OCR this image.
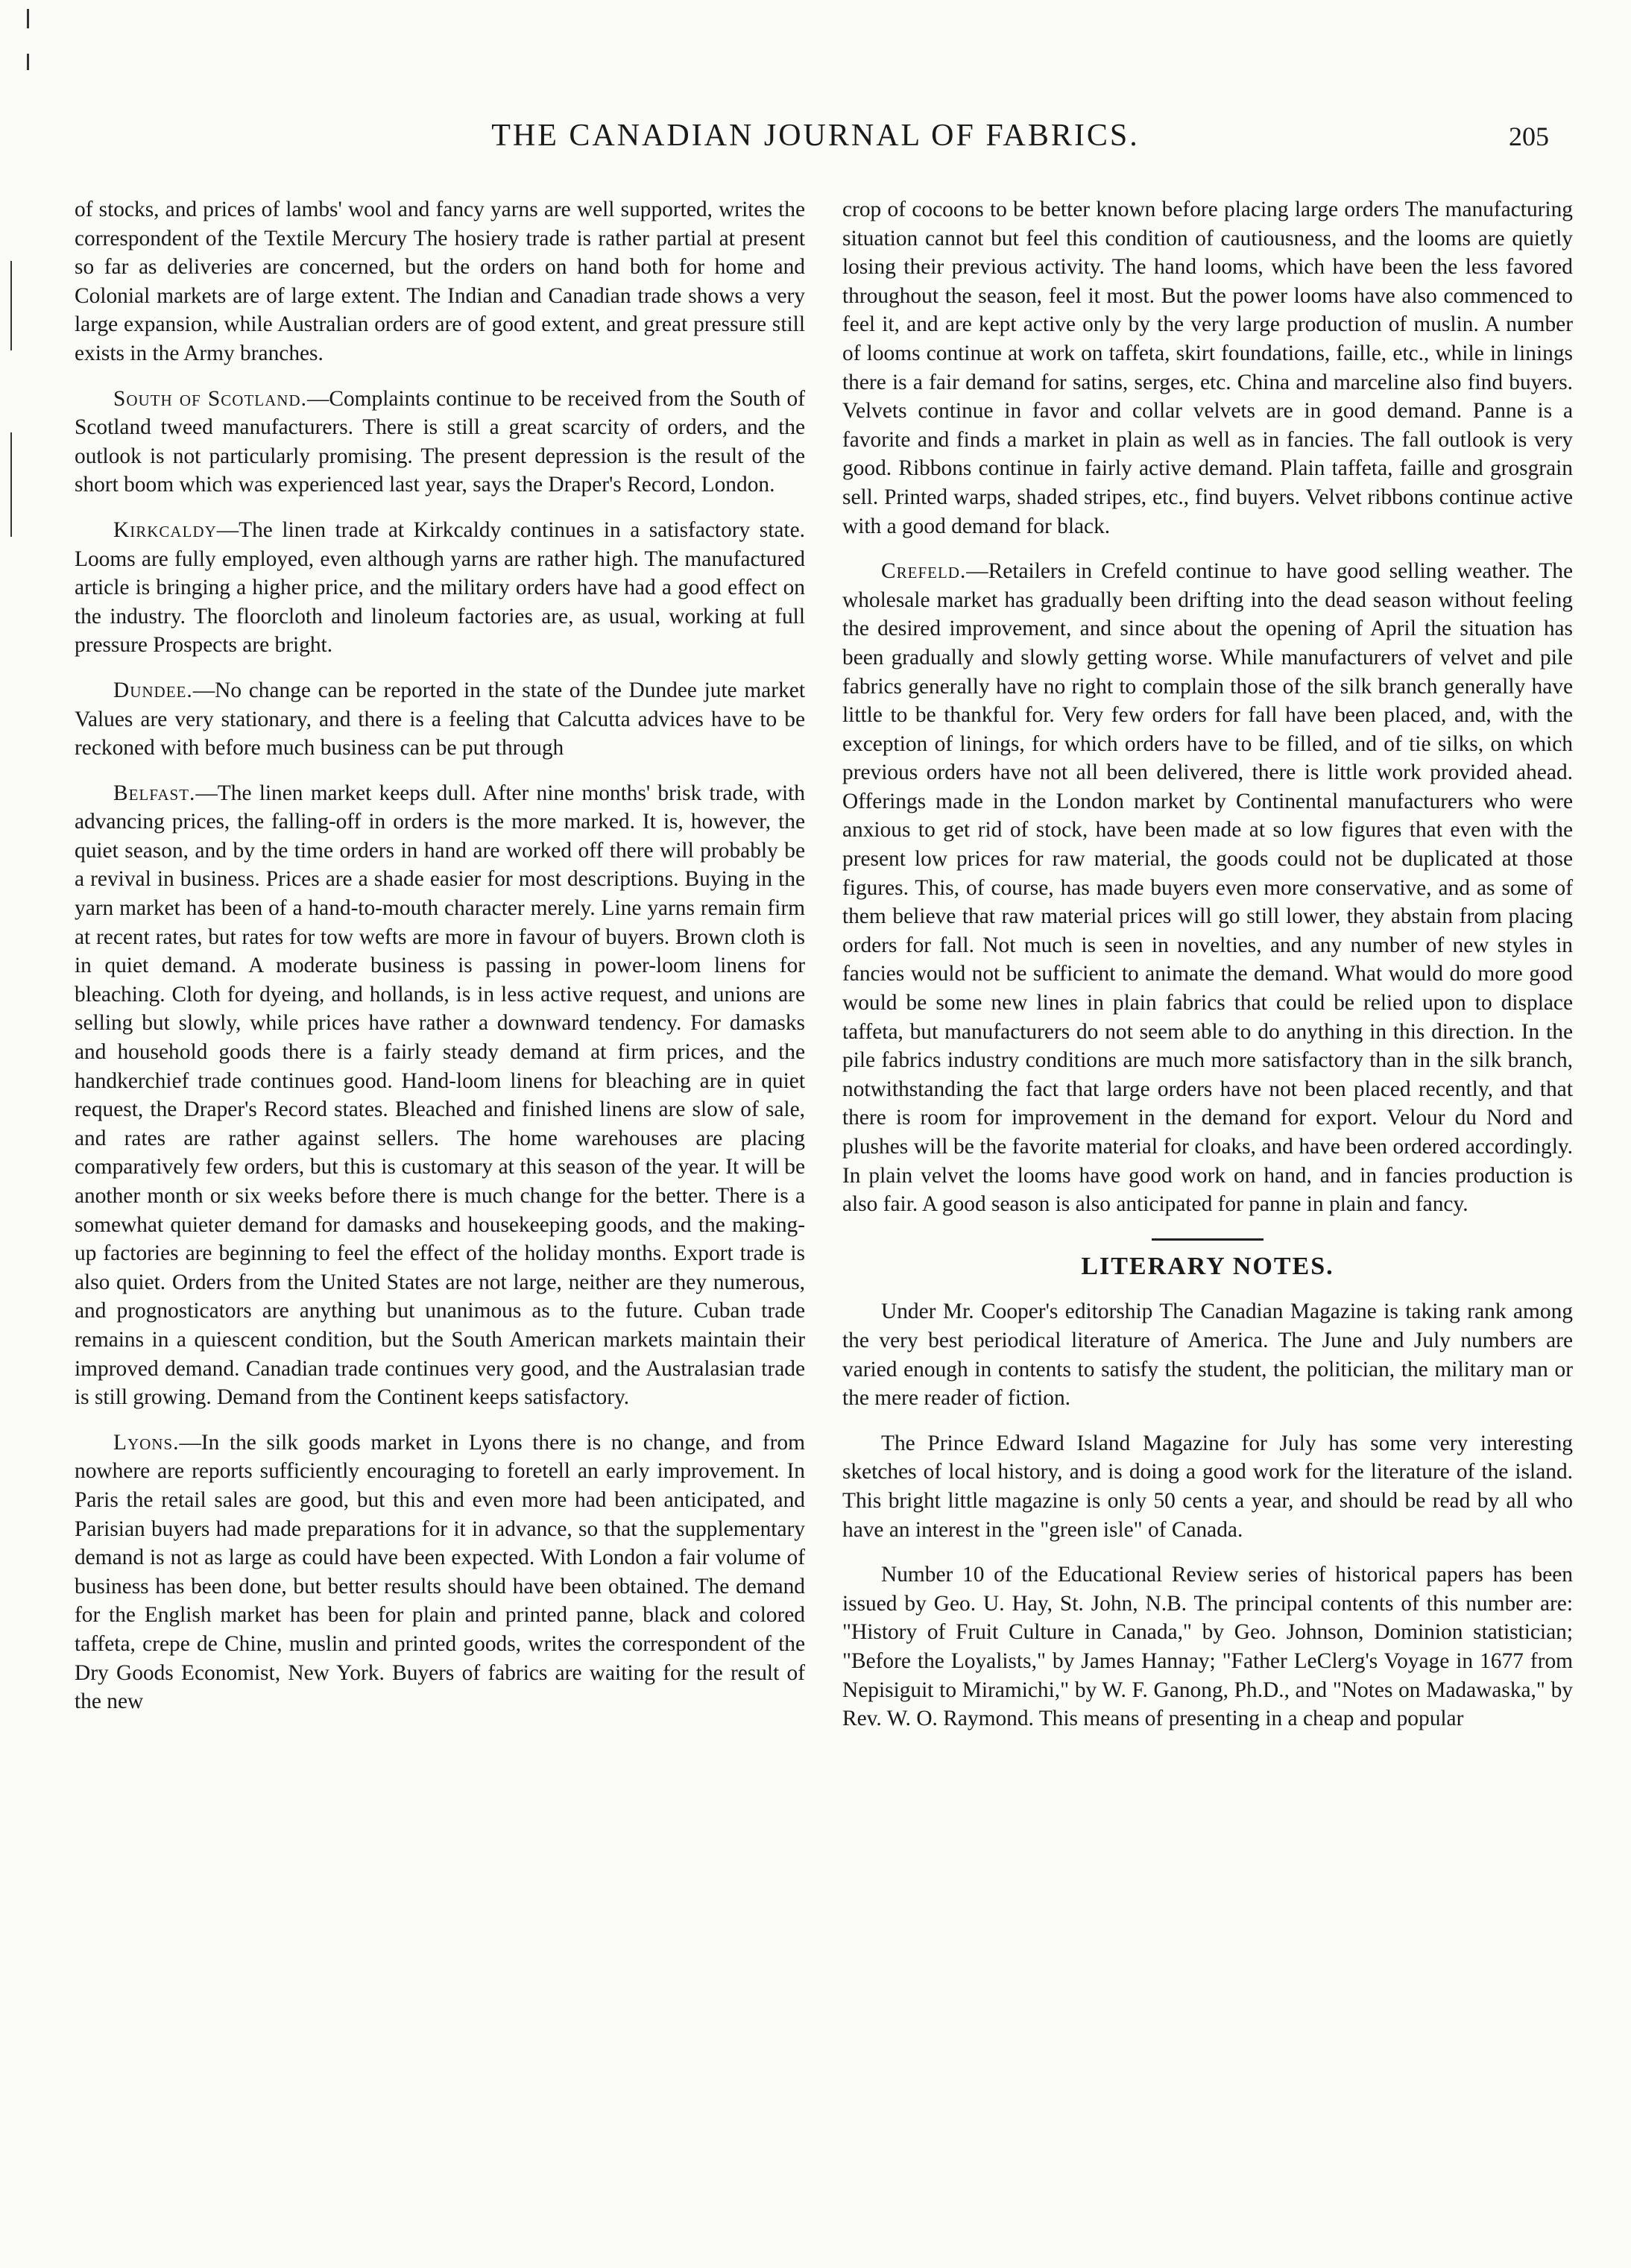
THE CANADIAN JOURNAL OF FABRICS.	205

of stocks, and prices of lambs' wool and fancy yarns are well supported, writes the correspondent of the Textile Mercury The hosiery trade is rather partial at present so far as deliveries are concerned, but the orders on hand both for home and Colonial markets are of large extent. The Indian and Canadian trade shows a very large expansion, while Australian orders are of good extent, and great pressure still exists in the Army branches.

South of Scotland.—Complaints continue to be received from the South of Scotland tweed manufacturers. There is still a great scarcity of orders, and the outlook is not particularly promising. The present depression is the result of the short boom which was experienced last year, says the Draper's Record, London.

Kirkcaldy—The linen trade at Kirkcaldy continues in a satisfactory state. Looms are fully employed, even although yarns are rather high. The manufactured article is bringing a higher price, and the military orders have had a good effect on the industry. The floorcloth and linoleum factories are, as usual, working at full pressure Prospects are bright.

Dundee.—No change can be reported in the state of the Dundee jute market Values are very stationary, and there is a feeling that Calcutta advices have to be reckoned with before much business can be put through

Belfast.—The linen market keeps dull. After nine months' brisk trade, with advancing prices, the falling-off in orders is the more marked. It is, however, the quiet season, and by the time orders in hand are worked off there will probably be a revival in business. Prices are a shade easier for most descriptions. Buying in the yarn market has been of a hand-to-mouth character merely. Line yarns remain firm at recent rates, but rates for tow wefts are more in favour of buyers. Brown cloth is in quiet demand. A moderate business is passing in power-loom linens for bleaching. Cloth for dyeing, and hollands, is in less active request, and unions are selling but slowly, while prices have rather a downward tendency. For damasks and household goods there is a fairly steady demand at firm prices, and the handkerchief trade continues good. Hand-loom linens for bleaching are in quiet request, the Draper's Record states. Bleached and finished linens are slow of sale, and rates are rather against sellers. The home warehouses are placing comparatively few orders, but this is customary at this season of the year. It will be another month or six weeks before there is much change for the better. There is a somewhat quieter demand for damasks and housekeeping goods, and the making-up factories are beginning to feel the effect of the holiday months. Export trade is also quiet. Orders from the United States are not large, neither are they numerous, and prognosticators are anything but unanimous as to the future. Cuban trade remains in a quiescent condition, but the South American markets maintain their improved demand. Canadian trade continues very good, and the Australasian trade is still growing. Demand from the Continent keeps satisfactory.

Lyons.—In the silk goods market in Lyons there is no change, and from nowhere are reports sufficiently encouraging to foretell an early improvement. In Paris the retail sales are good, but this and even more had been anticipated, and Parisian buyers had made preparations for it in advance, so that the supplementary demand is not as large as could have been expected. With London a fair volume of business has been done, but better results should have been obtained. The demand for the English market has been for plain and printed panne, black and colored taffeta, crepe de Chine, muslin and printed goods, writes the correspondent of the Dry Goods Economist, New York. Buyers of fabrics are waiting for the result of the new

crop of cocoons to be better known before placing large orders The manufacturing situation cannot but feel this condition of cautiousness, and the looms are quietly losing their previous activity. The hand looms, which have been the less favored throughout the season, feel it most. But the power looms have also commenced to feel it, and are kept active only by the very large production of muslin. A number of looms continue at work on taffeta, skirt foundations, faille, etc., while in linings there is a fair demand for satins, serges, etc. China and marceline also find buyers. Velvets continue in favor and collar velvets are in good demand. Panne is a favorite and finds a market in plain as well as in fancies. The fall outlook is very good. Ribbons continue in fairly active demand. Plain taffeta, faille and grosgrain sell. Printed warps, shaded stripes, etc., find buyers. Velvet ribbons continue active with a good demand for black.

Crefeld.—Retailers in Crefeld continue to have good selling weather. The wholesale market has gradually been drifting into the dead season without feeling the desired improvement, and since about the opening of April the situation has been gradually and slowly getting worse. While manufacturers of velvet and pile fabrics generally have no right to complain those of the silk branch generally have little to be thankful for. Very few orders for fall have been placed, and, with the exception of linings, for which orders have to be filled, and of tie silks, on which previous orders have not all been delivered, there is little work provided ahead. Offerings made in the London market by Continental manufacturers who were anxious to get rid of stock, have been made at so low figures that even with the present low prices for raw material, the goods could not be duplicated at those figures. This, of course, has made buyers even more conservative, and as some of them believe that raw material prices will go still lower, they abstain from placing orders for fall. Not much is seen in novelties, and any number of new styles in fancies would not be sufficient to animate the demand. What would do more good would be some new lines in plain fabrics that could be relied upon to displace taffeta, but manufacturers do not seem able to do anything in this direction. In the pile fabrics industry conditions are much more satisfactory than in the silk branch, notwithstanding the fact that large orders have not been placed recently, and that there is room for improvement in the demand for export. Velour du Nord and plushes will be the favorite material for cloaks, and have been ordered accordingly. In plain velvet the looms have good work on hand, and in fancies production is also fair. A good season is also anticipated for panne in plain and fancy.

LITERARY NOTES.

Under Mr. Cooper's editorship The Canadian Magazine is taking rank among the very best periodical literature of America. The June and July numbers are varied enough in contents to satisfy the student, the politician, the military man or the mere reader of fiction.

The Prince Edward Island Magazine for July has some very interesting sketches of local history, and is doing a good work for the literature of the island. This bright little magazine is only 50 cents a year, and should be read by all who have an interest in the "green isle" of Canada.

Number 10 of the Educational Review series of historical papers has been issued by Geo. U. Hay, St. John, N.B. The principal contents of this number are: "History of Fruit Culture in Canada," by Geo. Johnson, Dominion statistician; "Before the Loyalists," by James Hannay; "Father LeClerg's Voyage in 1677 from Nepisiguit to Miramichi," by W. F. Ganong, Ph.D., and "Notes on Madawaska," by Rev. W. O. Raymond. This means of presenting in a cheap and popular
